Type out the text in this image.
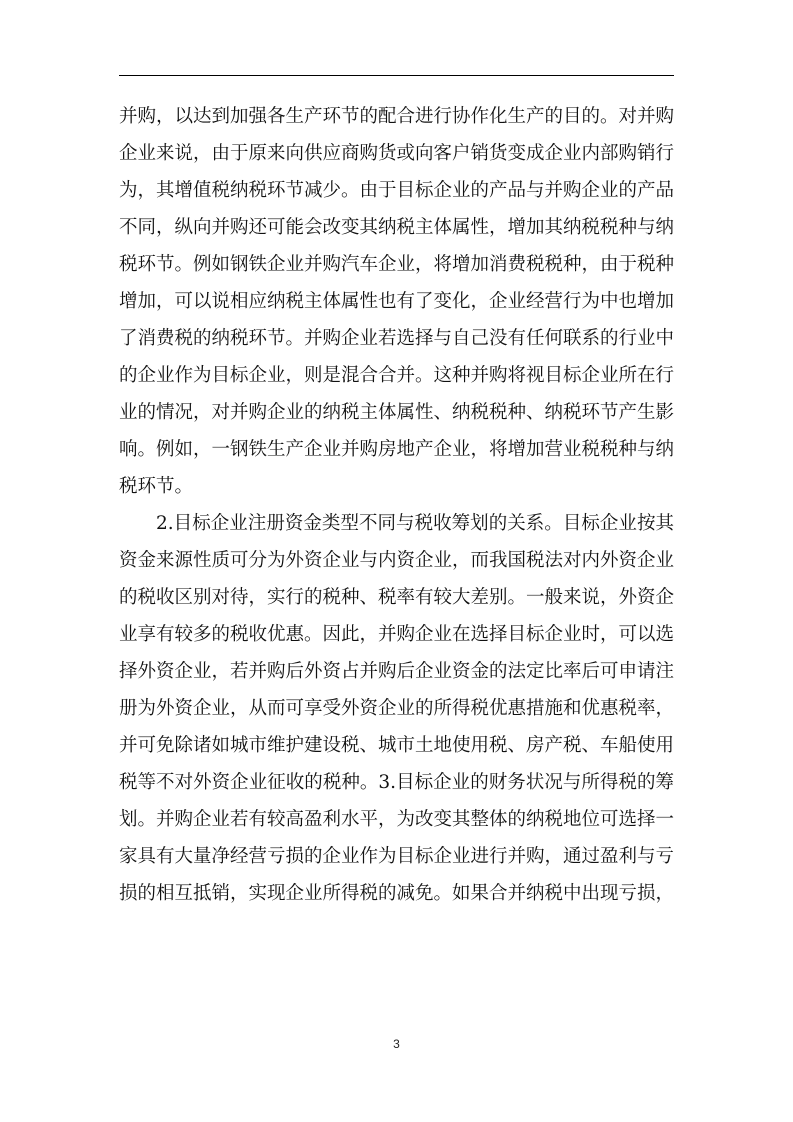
并购，以达到加强各生产环节的配合进行协作化生产的目的。对并购
企业来说，由于原来向供应商购货或向客户销货变成企业内部购销行
为，其增值税纳税环节减少。由于目标企业的产品与并购企业的产品
不同，纵向并购还可能会改变其纳税主体属性，增加其纳税税种与纳
税环节。例如钢铁企业并购汽车企业，将增加消费税税种，由于税种
增加，可以说相应纳税主体属性也有了变化，企业经营行为中也增加
了消费税的纳税环节。并购企业若选择与自己没有任何联系的行业中
的企业作为目标企业，则是混合合并。这种并购将视目标企业所在行
业的情况，对并购企业的纳税主体属性、纳税税种、纳税环节产生影
响。例如，一钢铁生产企业并购房地产企业，将增加营业税税种与纳
税环节。
2.目标企业注册资金类型不同与税收筹划的关系。目标企业按其
资金来源性质可分为外资企业与内资企业，而我国税法对内外资企业
的税收区别对待，实行的税种、税率有较大差别。一般来说，外资企
业享有较多的税收优惠。因此，并购企业在选择目标企业时，可以选
择外资企业，若并购后外资占并购后企业资金的法定比率后可申请注
册为外资企业，从而可享受外资企业的所得税优惠措施和优惠税率，
并可免除诸如城市维护建设税、城市土地使用税、房产税、车船使用
税等不对外资企业征收的税种。3.目标企业的财务状况与所得税的筹
划。并购企业若有较高盈利水平，为改变其整体的纳税地位可选择一
家具有大量净经营亏损的企业作为目标企业进行并购，通过盈利与亏
损的相互抵销，实现企业所得税的减免。如果合并纳税中出现亏损，
3
